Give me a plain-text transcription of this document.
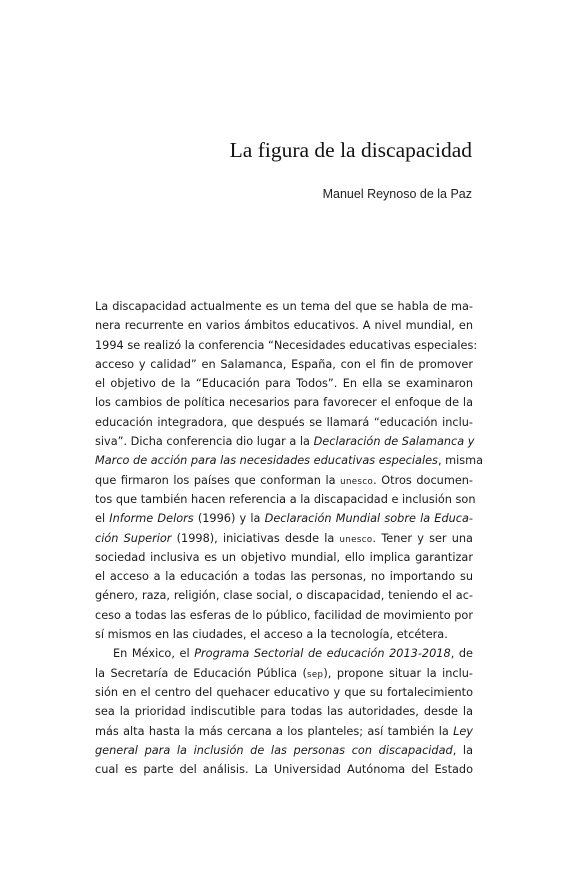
La figura de la discapacidad
Manuel Reynoso de la Paz
La discapacidad actualmente es un tema del que se habla de ma-
nera recurrente en varios ámbitos educativos. A nivel mundial, en
1994 se realizó la conferencia “Necesidades educativas especiales:
acceso y calidad” en Salamanca, España, con el fin de promover
el objetivo de la “Educación para Todos”. En ella se examinaron
los cambios de política necesarios para favorecer el enfoque de la
educación integradora, que después se llamará “educación inclu-
siva”. Dicha conferencia dio lugar a la Declaración de Salamanca y
Marco de acción para las necesidades educativas especiales, misma
que firmaron los países que conforman la unesco. Otros documen-
tos que también hacen referencia a la discapacidad e inclusión son
el Informe Delors (1996) y la Declaración Mundial sobre la Educa-
ción Superior (1998), iniciativas desde la unesco. Tener y ser una
sociedad inclusiva es un objetivo mundial, ello implica garantizar
el acceso a la educación a todas las personas, no importando su
género, raza, religión, clase social, o discapacidad, teniendo el ac-
ceso a todas las esferas de lo público, facilidad de movimiento por
sí mismos en las ciudades, el acceso a la tecnología, etcétera.
En México, el Programa Sectorial de educación 2013-2018, de
la Secretaría de Educación Pública (sep), propone situar la inclu-
sión en el centro del quehacer educativo y que su fortalecimiento
sea la prioridad indiscutible para todas las autoridades, desde la
más alta hasta la más cercana a los planteles; así también la Ley
general para la inclusión de las personas con discapacidad, la
cual es parte del análisis. La Universidad Autónoma del Estado
